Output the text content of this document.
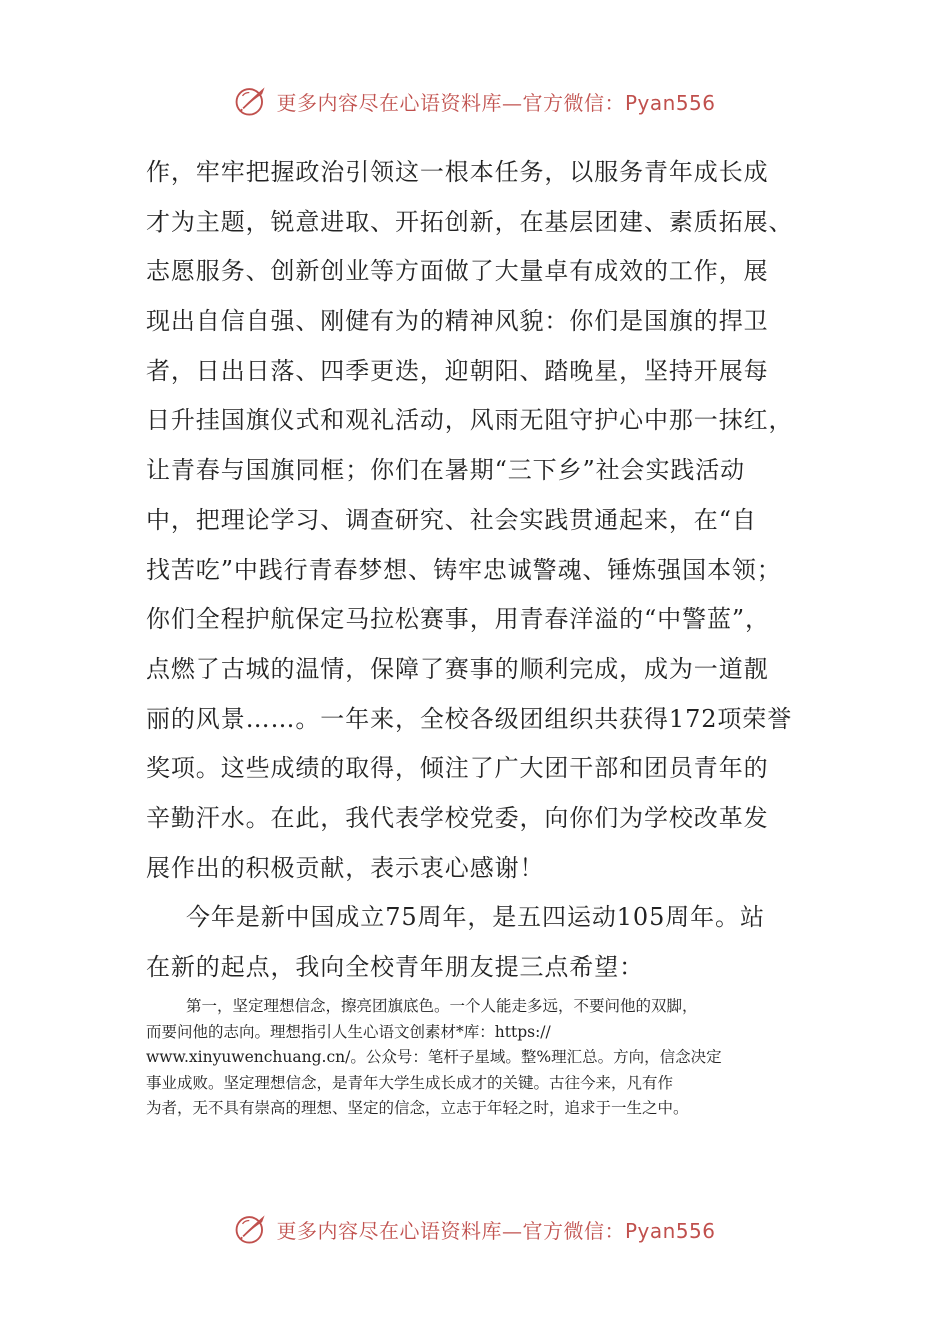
更多内容尽在心语资料库—官方微信：Pyan556
作，牢牢把握政治引领这一根本任务，以服务青年成长成
才为主题，锐意进取、开拓创新，在基层团建、素质拓展、
志愿服务、创新创业等方面做了大量卓有成效的工作，展
现出自信自强、刚健有为的精神风貌：你们是国旗的捍卫
者，日出日落、四季更迭，迎朝阳、踏晚星，坚持开展每
日升挂国旗仪式和观礼活动，风雨无阻守护心中那一抹红，
让青春与国旗同框；你们在暑期“三下乡”社会实践活动
中，把理论学习、调查研究、社会实践贯通起来，在“自
找苦吃”中践行青春梦想、铸牢忠诚警魂、锤炼强国本领；
你们全程护航保定马拉松赛事，用青春洋溢的“中警蓝”，
点燃了古城的温情，保障了赛事的顺利完成，成为一道靓
丽的风景……。一年来，全校各级团组织共获得172项荣誉
奖项。这些成绩的取得，倾注了广大团干部和团员青年的
辛勤汗水。在此，我代表学校党委，向你们为学校改革发
展作出的积极贡献，表示衷心感谢！
今年是新中国成立75周年，是五四运动105周年。站
在新的起点，我向全校青年朋友提三点希望：
第一，坚定理想信念，擦亮团旗底色。一个人能走多远，不要问他的双脚，
而要问他的志向。理想指引人生心语文创素材*库：https://
www.xinyuwenchuang.cn/。公众号：笔杆子星域。整%理汇总。方向，信念决定
事业成败。坚定理想信念，是青年大学生成长成才的关键。古往今来，凡有作
为者，无不具有崇高的理想、坚定的信念，立志于年轻之时，追求于一生之中。
更多内容尽在心语资料库—官方微信：Pyan556
